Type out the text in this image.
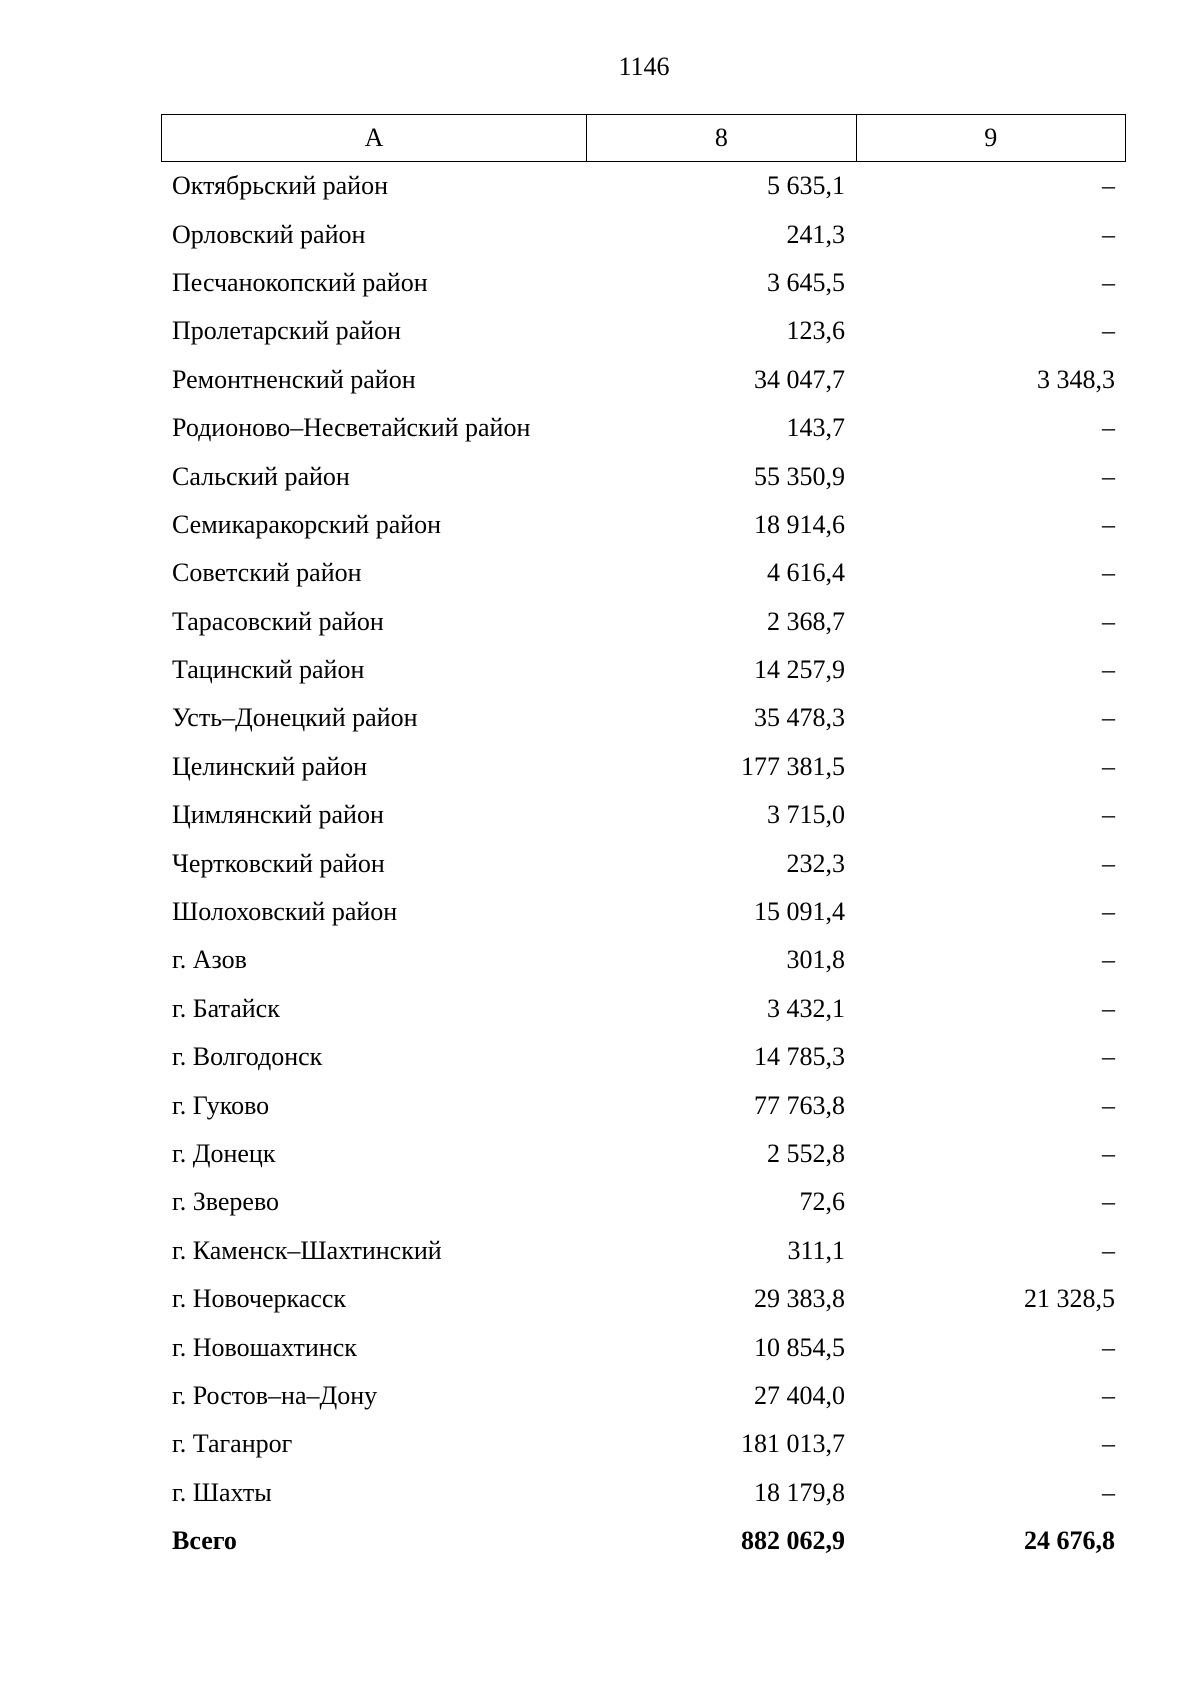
1146
А	8	9
Октябрьский район	5 635,1	–
Орловский район	241,3	–
Песчанокопский район	3 645,5	–
Пролетарский район	123,6	–
Ремонтненский район	34 047,7	3 348,3
Родионово–Несветайский район	143,7	–
Сальский район	55 350,9	–
Семикаракорский район	18 914,6	–
Советский район	4 616,4	–
Тарасовский район	2 368,7	–
Тацинский район	14 257,9	–
Усть–Донецкий район	35 478,3	–
Целинский район	177 381,5	–
Цимлянский район	3 715,0	–
Чертковский район	232,3	–
Шолоховский район	15 091,4	–
г. Азов	301,8	–
г. Батайск	3 432,1	–
г. Волгодонск	14 785,3	–
г. Гуково	77 763,8	–
г. Донецк	2 552,8	–
г. Зверево	72,6	–
г. Каменск–Шахтинский	311,1	–
г. Новочеркасск	29 383,8	21 328,5
г. Новошахтинск	10 854,5	–
г. Ростов–на–Дону	27 404,0	–
г. Таганрог	181 013,7	–
г. Шахты	18 179,8	–
Всего	882 062,9	24 676,8
